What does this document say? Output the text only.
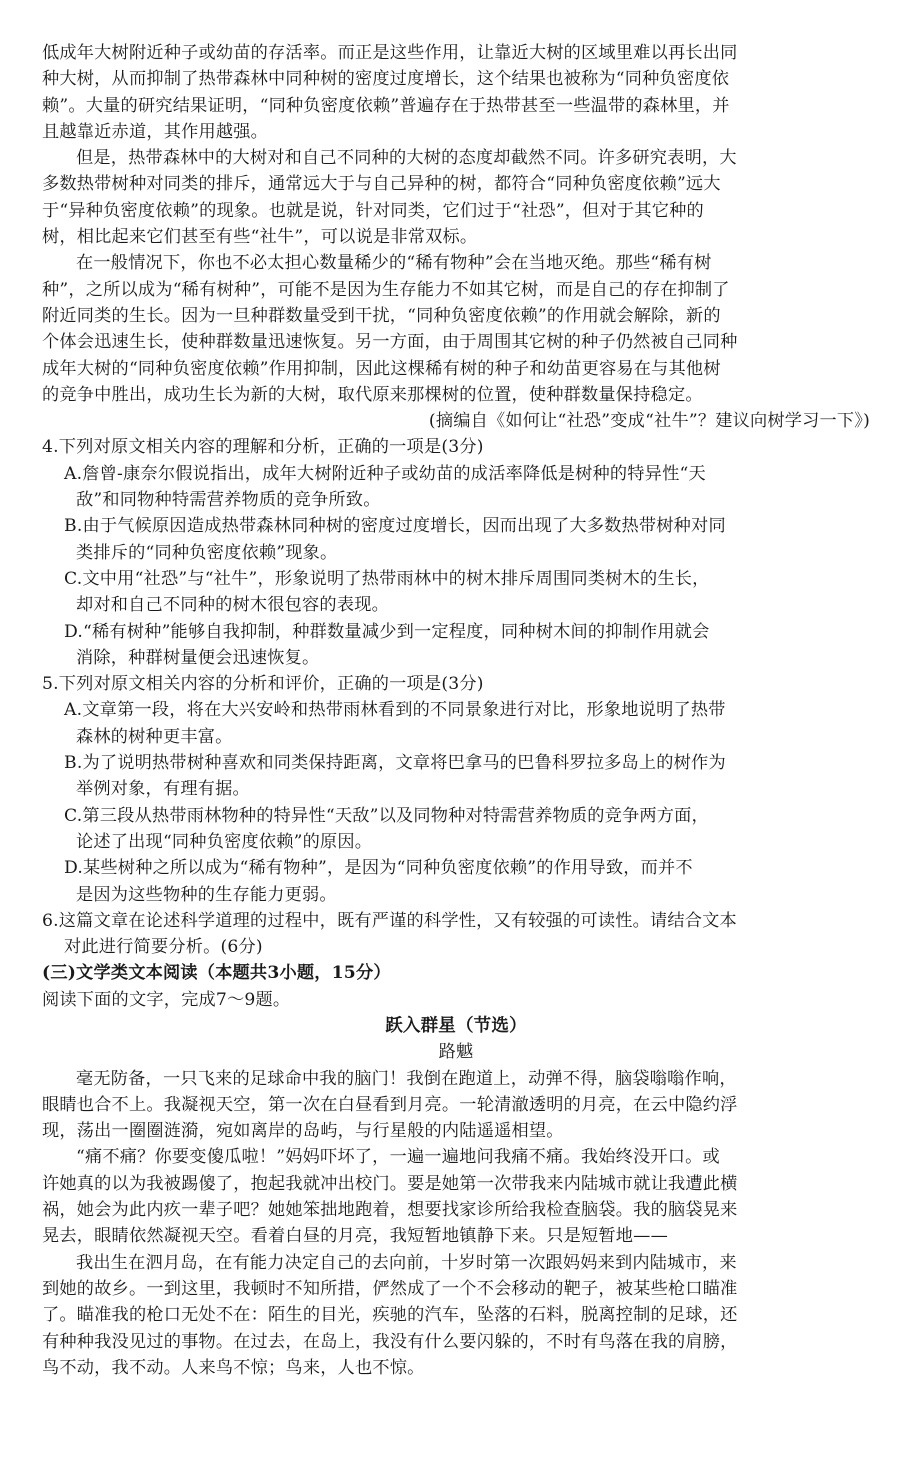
低成年大树附近种子或幼苗的存活率。而正是这些作用，让靠近大树的区域里难以再长出同
种大树，从而抑制了热带森林中同种树的密度过度增长，这个结果也被称为“同种负密度依
赖”。大量的研究结果证明，“同种负密度依赖”普遍存在于热带甚至一些温带的森林里，并
且越靠近赤道，其作用越强。
但是，热带森林中的大树对和自己不同种的大树的态度却截然不同。许多研究表明，大
多数热带树种对同类的排斥，通常远大于与自己异种的树，都符合“同种负密度依赖”远大
于“异种负密度依赖”的现象。也就是说，针对同类，它们过于“社恐”，但对于其它种的
树，相比起来它们甚至有些“社牛”，可以说是非常双标。
在一般情况下，你也不必太担心数量稀少的“稀有物种”会在当地灭绝。那些“稀有树
种”，之所以成为“稀有树种”，可能不是因为生存能力不如其它树，而是自己的存在抑制了
附近同类的生长。因为一旦种群数量受到干扰，“同种负密度依赖”的作用就会解除，新的
个体会迅速生长，使种群数量迅速恢复。另一方面，由于周围其它树的种子仍然被自己同种
成年大树的“同种负密度依赖”作用抑制，因此这棵稀有树的种子和幼苗更容易在与其他树
的竞争中胜出，成功生长为新的大树，取代原来那棵树的位置，使种群数量保持稳定。
(摘编自《如何让“社恐”变成“社牛”？建议向树学习一下》)
4.下列对原文相关内容的理解和分析，正确的一项是(3分)
A.詹曾-康奈尔假说指出，成年大树附近种子或幼苗的成活率降低是树种的特异性“天
敌”和同物种特需营养物质的竞争所致。
B.由于气候原因造成热带森林同种树的密度过度增长，因而出现了大多数热带树种对同
类排斥的“同种负密度依赖”现象。
C.文中用“社恐”与“社牛”，形象说明了热带雨林中的树木排斥周围同类树木的生长，
却对和自己不同种的树木很包容的表现。
D.“稀有树种”能够自我抑制，种群数量减少到一定程度，同种树木间的抑制作用就会
消除，种群树量便会迅速恢复。
5.下列对原文相关内容的分析和评价，正确的一项是(3分)
A.文章第一段，将在大兴安岭和热带雨林看到的不同景象进行对比，形象地说明了热带
森林的树种更丰富。
B.为了说明热带树种喜欢和同类保持距离，文章将巴拿马的巴鲁科罗拉多岛上的树作为
举例对象，有理有据。
C.第三段从热带雨林物种的特异性“天敌”以及同物种对特需营养物质的竞争两方面，
论述了出现“同种负密度依赖”的原因。
D.某些树种之所以成为“稀有物种”，是因为“同种负密度依赖”的作用导致，而并不
是因为这些物种的生存能力更弱。
6.这篇文章在论述科学道理的过程中，既有严谨的科学性，又有较强的可读性。请结合文本
对此进行简要分析。(6分)
(三)文学类文本阅读（本题共3小题，15分）
阅读下面的文字，完成7～9题。
跃入群星（节选）
路魆
毫无防备，一只飞来的足球命中我的脑门！我倒在跑道上，动弹不得，脑袋嗡嗡作响，
眼睛也合不上。我凝视天空，第一次在白昼看到月亮。一轮清澈透明的月亮，在云中隐约浮
现，荡出一圈圈涟漪，宛如离岸的岛屿，与行星般的内陆遥遥相望。
“痛不痛？你要变傻瓜啦！”妈妈吓坏了，一遍一遍地问我痛不痛。我始终没开口。或
许她真的以为我被踢傻了，抱起我就冲出校门。要是她第一次带我来内陆城市就让我遭此横
祸，她会为此内疚一辈子吧？她她笨拙地跑着，想要找家诊所给我检查脑袋。我的脑袋晃来
晃去，眼睛依然凝视天空。看着白昼的月亮，我短暂地镇静下来。只是短暂地——
我出生在泗月岛，在有能力决定自己的去向前，十岁时第一次跟妈妈来到内陆城市，来
到她的故乡。一到这里，我顿时不知所措，俨然成了一个不会移动的靶子，被某些枪口瞄准
了。瞄准我的枪口无处不在：陌生的目光，疾驰的汽车，坠落的石料，脱离控制的足球，还
有种种我没见过的事物。在过去，在岛上，我没有什么要闪躲的，不时有鸟落在我的肩膀，
鸟不动，我不动。人来鸟不惊；鸟来，人也不惊。
